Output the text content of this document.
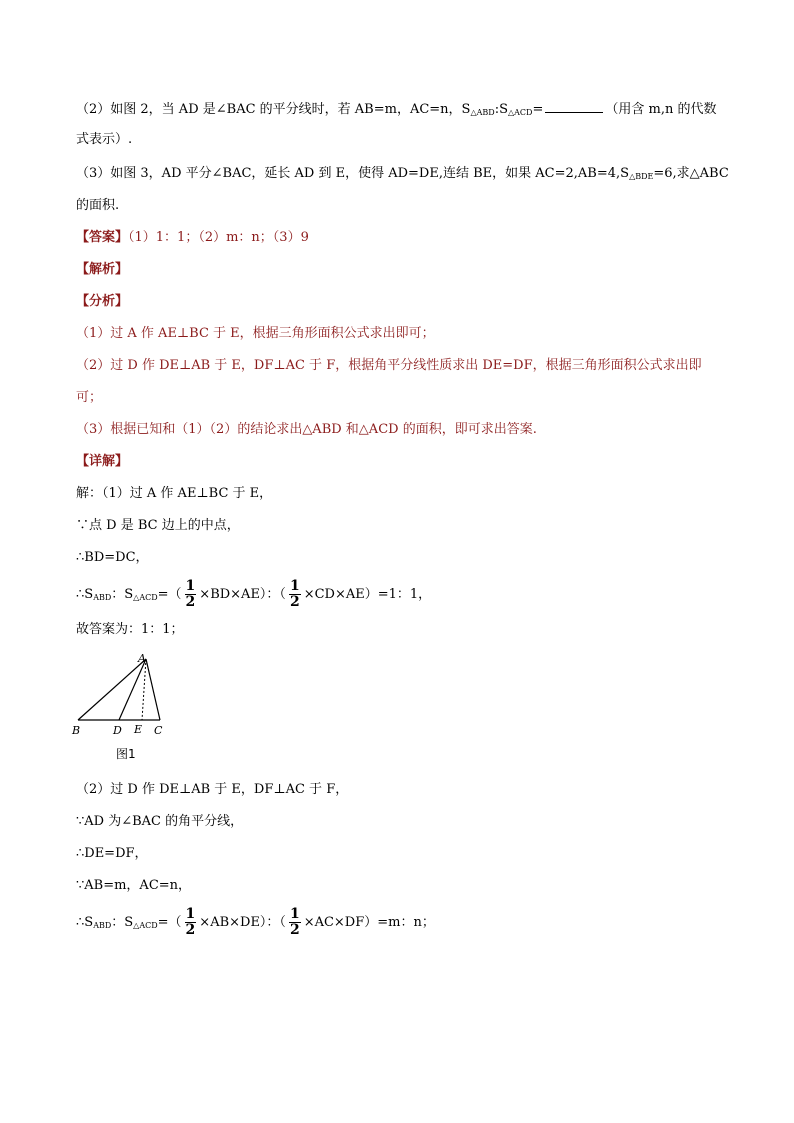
（2）如图 2，当 AD 是∠BAC 的平分线时，若 AB=m，AC=n，$S_{\triangle ABD}:S_{\triangle ACD}=$	（用含 m,n 的代数
式表示）.
（3）如图 3，AD 平分∠BAC，延长 AD 到 E，使得 AD=DE,连结 BE，如果 $AC=2,AB=4,S_{\triangle BDE}=6$,求△ABC
的面积.
【答案】（1）1：1；（2）m：n；（3）9
【解析】
【分析】
（1）过 A 作 AE⊥BC 于 E，根据三角形面积公式求出即可；
（2）过 D 作 DE⊥AB 于 E，DF⊥AC 于 F，根据角平分线性质求出 DE=DF，根据三角形面积公式求出即
可；
（3）根据已知和（1）（2）的结论求出△ABD 和△ACD 的面积，即可求出答案.
【详解】
解：（1）过 A 作 AE⊥BC 于 E，
∵点 D 是 BC 边上的中点，
∴BD=DC，
$\therefore S_{ABD}$：$S_{\triangle ACD}=( \frac{1}{2} \times BD\times AE)$：（ $\frac{1}{2} \times CD\times AE)=1$：1，
故答案为：1：1；
A
B	D E C
图1
（2）过 D 作 DE⊥AB 于 E，DF⊥AC 于 F，
∵AD 为∠BAC 的角平分线，
∴DE=DF，
∵AB=m，AC=n，
$\therefore S_{ABD}$：$S_{\triangle ACD}=( \frac{1}{2} \times AB\times DE)$：（ $\frac{1}{2} \times AC\times DF)=m$：n；
